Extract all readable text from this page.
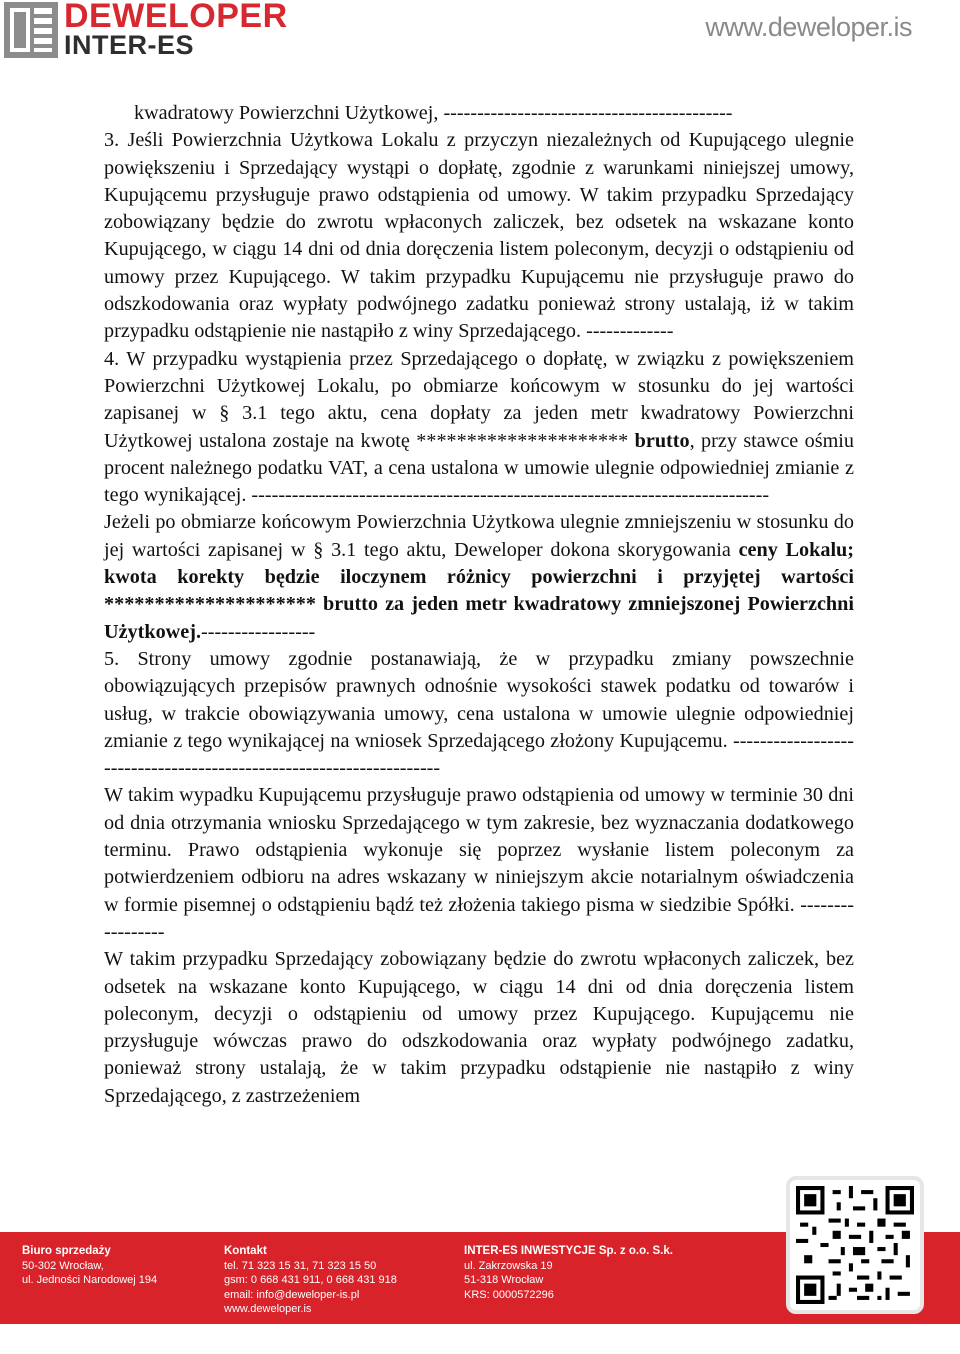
DEWELOPER
INTER-ES
www.deweloper.is

kwadratowy Powierzchni Użytkowej, -------------------------------------------

3. Jeśli Powierzchnia Użytkowa Lokalu z przyczyn niezależnych od Kupującego ulegnie powiększeniu i Sprzedający wystąpi o dopłatę, zgodnie z warunkami niniejszej umowy, Kupującemu przysługuje prawo odstąpienia od umowy. W takim przypadku Sprzedający zobowiązany będzie do zwrotu wpłaconych zaliczek, bez odsetek na wskazane konto Kupującego, w ciągu 14 dni od dnia doręczenia listem poleconym, decyzji o odstąpieniu od umowy przez Kupującego. W takim przypadku Kupującemu nie przysługuje prawo do odszkodowania oraz wypłaty podwójnego zadatku ponieważ strony ustalają, iż w takim przypadku odstąpienie nie nastąpiło z winy Sprzedającego. -------------

4. W przypadku wystąpienia przez Sprzedającego o dopłatę, w związku z powiększeniem Powierzchni Użytkowej Lokalu, po obmiarze końcowym w stosunku do jej wartości zapisanej w § 3.1 tego aktu, cena dopłaty za jeden metr kwadratowy Powierzchni Użytkowej ustalona zostaje na kwotę ********************* brutto, przy stawce ośmiu procent należnego podatku VAT, a cena ustalona w umowie ulegnie odpowiedniej zmianie z tego wynikającej. -----------------------------------------------------------------------------

Jeżeli po obmiarze końcowym Powierzchnia Użytkowa ulegnie zmniejszeniu w stosunku do jej wartości zapisanej w § 3.1 tego aktu, Deweloper dokona skorygowania ceny Lokalu; kwota korekty będzie iloczynem różnicy powierzchni i przyjętej wartości ********************* brutto za jeden metr kwadratowy zmniejszonej Powierzchni Użytkowej.-----------------

5. Strony umowy zgodnie postanawiają, że w przypadku zmiany powszechnie obowiązujących przepisów prawnych odnośnie wysokości stawek podatku od towarów i usług, w trakcie obowiązywania umowy, cena ustalona w umowie ulegnie odpowiedniej zmianie z tego wynikającej na wniosek Sprzedającego złożony Kupującemu. --------------------------------------------------------------------

W takim wypadku Kupującemu przysługuje prawo odstąpienia od umowy w terminie 30 dni od dnia otrzymania wniosku Sprzedającego w tym zakresie, bez wyznaczania dodatkowego terminu. Prawo odstąpienia wykonuje się poprzez wysłanie listem poleconym za potwierdzeniem odbioru na adres wskazany w niniejszym akcie notarialnym oświadczenia w formie pisemnej o odstąpieniu bądź też złożenia takiego pisma w siedzibie Spółki. -----------------

W takim przypadku Sprzedający zobowiązany będzie do zwrotu wpłaconych zaliczek, bez odsetek na wskazane konto Kupującego, w ciągu 14 dni od dnia doręczenia listem poleconym, decyzji o odstąpieniu od umowy przez Kupującego. Kupującemu nie przysługuje wówczas prawo do odszkodowania oraz wypłaty podwójnego zadatku, ponieważ strony ustalają, że w takim przypadku odstąpienie nie nastąpiło z winy Sprzedającego, z zastrzeżeniem

Biuro sprzedaży
50-302 Wrocław,
ul. Jedności Narodowej 194
Kontakt
tel. 71 323 15 31, 71 323 15 50
gsm: 0 668 431 911, 0 668 431 918
email: info@deweloper-is.pl
www.deweloper.is
INTER-ES INWESTYCJE Sp. z o.o. S.k.
ul. Zakrzowska 19
51-318 Wrocław
KRS: 0000572296
